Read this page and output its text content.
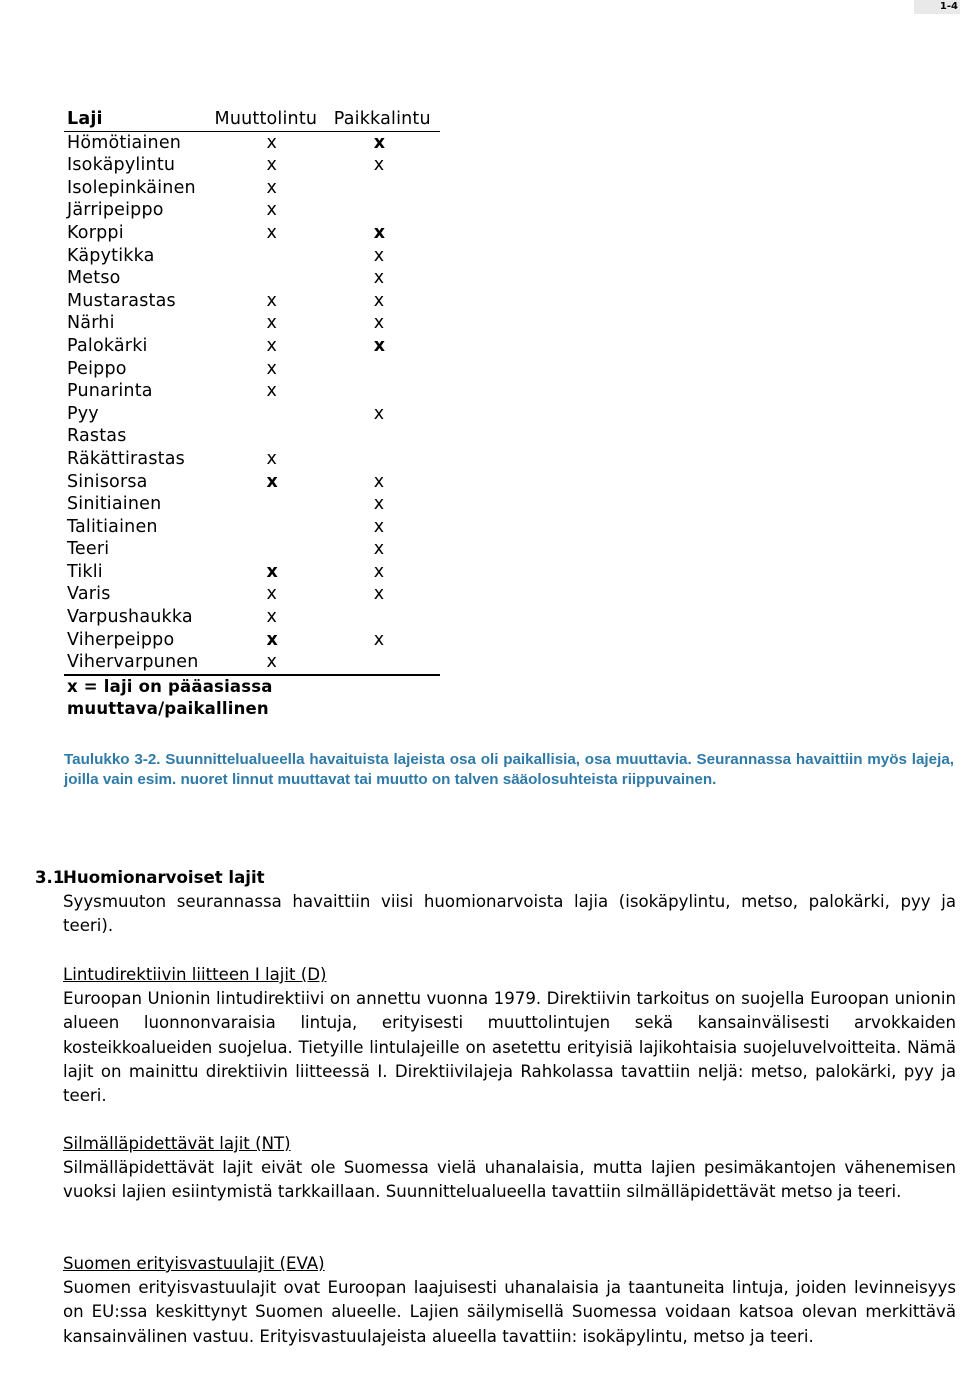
1-4
Laji	Muuttolintu	Paikkalintu
Hömötiainen	x	x
Isokäpylintu	x	x
Isolepinkäinen	x	
Järripeippo	x	
Korppi	x	x
Käpytikka		x
Metso		x
Mustarastas	x	x
Närhi	x	x
Palokärki	x	x
Peippo	x	
Punarinta	x	
Pyy		x
Rastas		
Räkättirastas	x	
Sinisorsa	x	x
Sinitiainen		x
Talitiainen		x
Teeri		x
Tikli	x	x
Varis	x	x
Varpushaukka	x	
Viherpeippo	x	x
Vihervarpunen	x	
x = laji on pääasiassa		
muuttava/paikallinen		
Taulukko 3-2. Suunnittelualueella havaituista lajeista osa oli paikallisia, osa muuttavia. Seurannassa havaittiin myös lajeja, joilla vain esim. nuoret linnut muuttavat tai muutto on talven sääolosuhteista riippuvainen.
3.1Huomionarvoiset lajit
Syysmuuton seurannassa havaittiin viisi huomionarvoista lajia (isokäpylintu, metso, palokärki, pyy ja teeri).
Lintudirektiivin liitteen I lajit (D)
Euroopan Unionin lintudirektiivi on annettu vuonna 1979. Direktiivin tarkoitus on suojella Euroopan unionin alueen luonnonvaraisia lintuja, erityisesti muuttolintujen sekä kansainvälisesti arvokkaiden kosteikkoalueiden suojelua. Tietyille lintulajeille on asetettu erityisiä lajikohtaisia suojeluvelvoitteita. Nämä lajit on mainittu direktiivin liitteessä I. Direktiivilajeja Rahkolassa tavattiin neljä: metso, palokärki, pyy ja teeri.
Silmälläpidettävät lajit (NT)
Silmälläpidettävät lajit eivät ole Suomessa vielä uhanalaisia, mutta lajien pesimäkantojen vähenemisen vuoksi lajien esiintymistä tarkkaillaan. Suunnittelualueella tavattiin silmälläpidettävät metso ja teeri.
Suomen erityisvastuulajit (EVA)
Suomen erityisvastuulajit ovat Euroopan laajuisesti uhanalaisia ja taantuneita lintuja, joiden levinneisyys on EU:ssa keskittynyt Suomen alueelle. Lajien säilymisellä Suomessa voidaan katsoa olevan merkittävä kansainvälinen vastuu. Erityisvastuulajeista alueella tavattiin: isokäpylintu, metso ja teeri.
